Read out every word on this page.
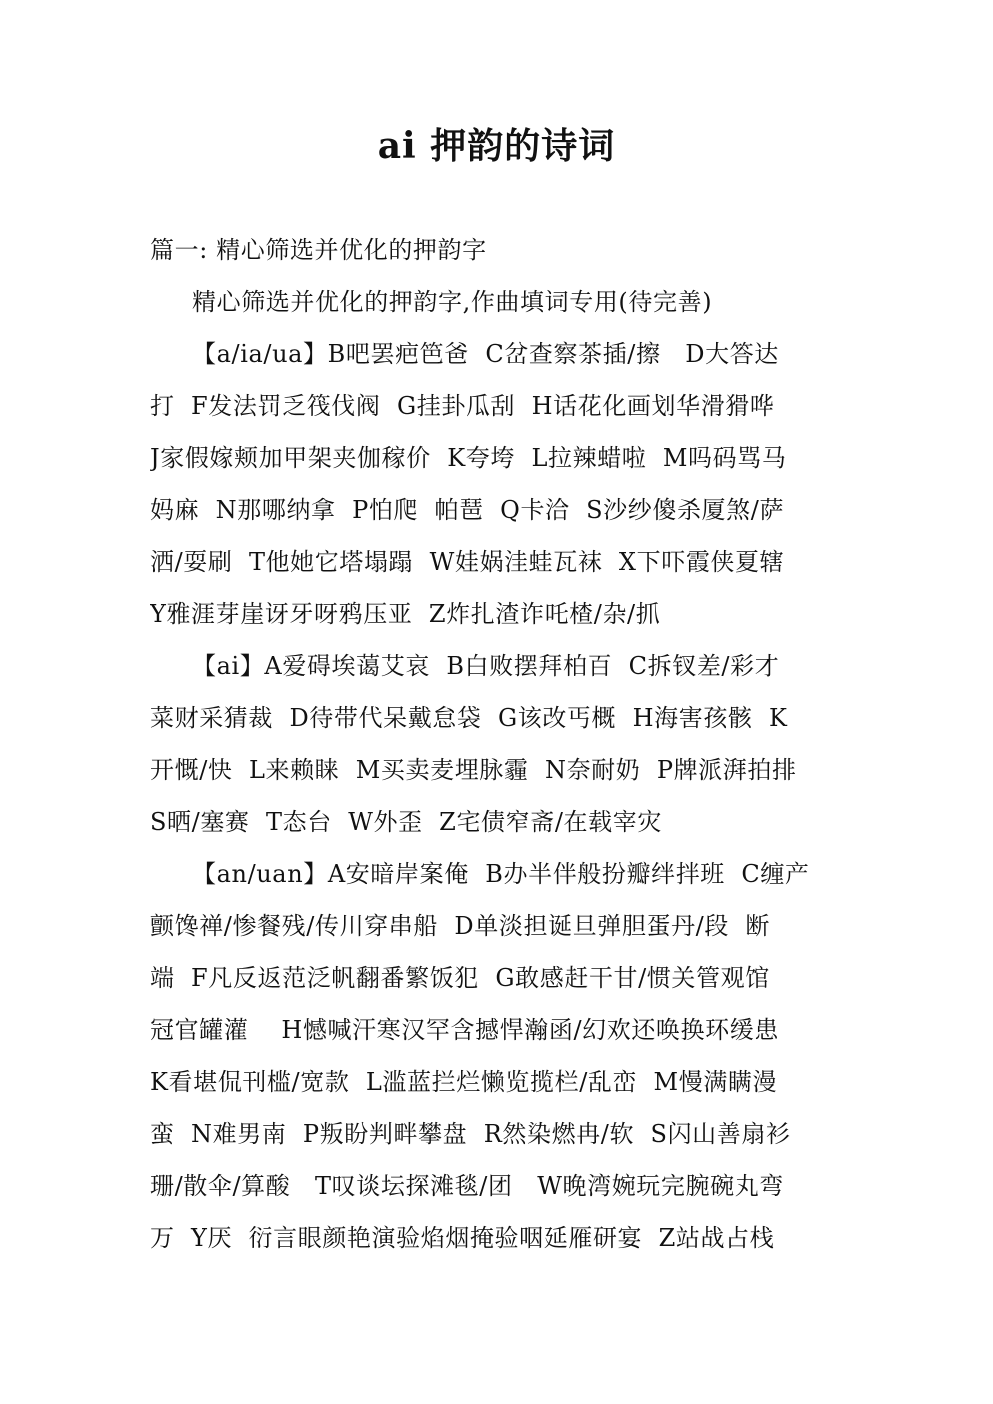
ai 押韵的诗词
篇一: 精心筛选并优化的押韵字
精心筛选并优化的押韵字,作曲填词专用(待完善)
【a/ia/ua】B吧罢疤笆爸  C岔查察茶插/擦   D大答达
打  F发法罚乏筏伐阀  G挂卦瓜刮  H话花化画划华滑猾哗
J家假嫁颊加甲架夹伽稼价  K夸垮  L拉辣蜡啦  M吗码骂马
妈麻  N那哪纳拿  P怕爬  帕琶  Q卡洽  S沙纱傻杀厦煞/萨
洒/耍刷  T他她它塔塌蹋  W娃娲洼蛙瓦袜  X下吓霞侠夏辖
Y雅涯芽崖讶牙呀鸦压亚  Z炸扎渣诈吒楂/杂/抓
【ai】A爱碍埃蔼艾哀  B白败摆拜柏百  C拆钗差/彩才
菜财采猜裁  D待带代呆戴怠袋  G该改丐概  H海害孩骸  K
开慨/快  L来赖睐  M买卖麦埋脉霾  N奈耐奶  P牌派湃拍排
S晒/塞赛  T态台  W外歪  Z宅债窄斋/在载宰灾
【an/uan】A安暗岸案俺  B办半伴般扮瓣绊拌班  C缠产
颤馋禅/惨餐残/传川穿串船  D单淡担诞旦弹胆蛋丹/段  断
端  F凡反返范泛帆翻番繁饭犯  G敢感赶干甘/惯关管观馆
冠官罐灌    H憾喊汗寒汉罕含撼悍瀚函/幻欢还唤换环缓患
K看堪侃刊槛/宽款  L滥蓝拦烂懒览揽栏/乱峦  M慢满瞒漫
蛮  N难男南  P叛盼判畔攀盘  R然染燃冉/软  S闪山善扇衫
珊/散伞/算酸   T叹谈坛探滩毯/团   W晚湾婉玩完腕碗丸弯
万  Y厌  衍言眼颜艳演验焰烟掩验咽延雁研宴  Z站战占栈
